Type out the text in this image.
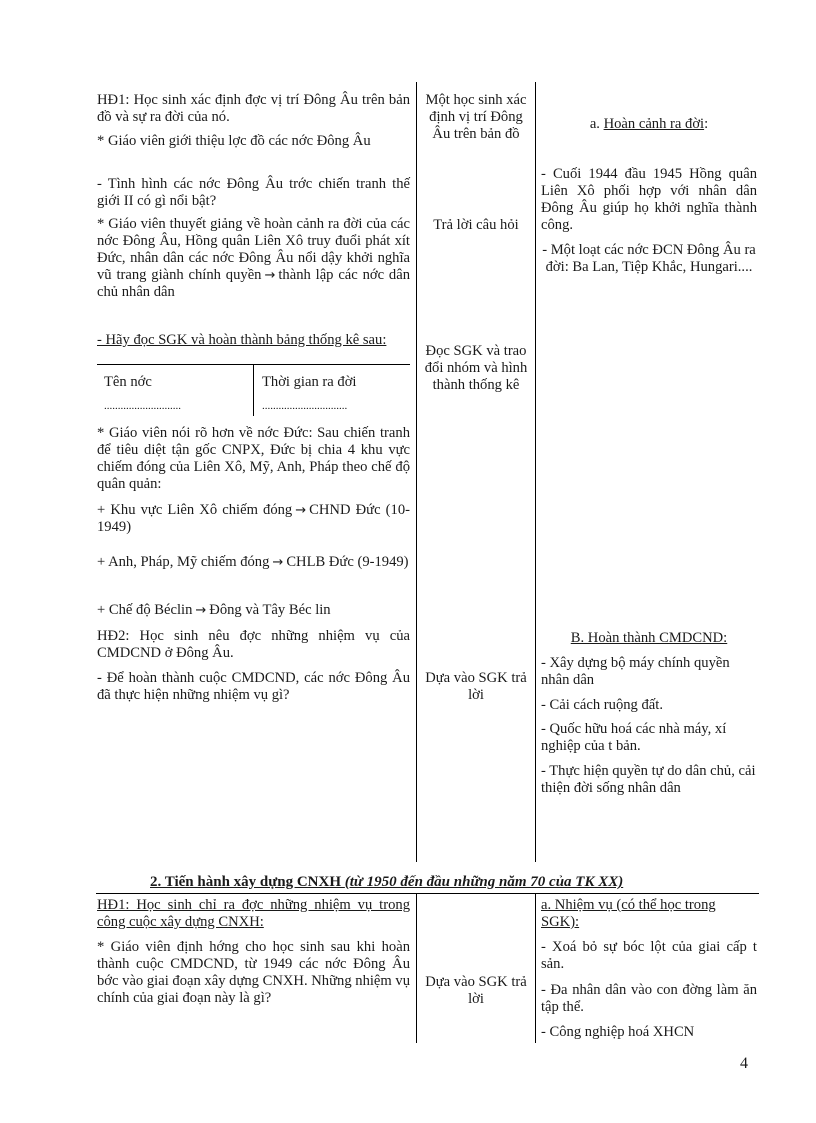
HĐ1: Học sinh xác định đợc vị trí Đông Âu trên bản đồ và sự ra đời của nó.

* Giáo viên giới thiệu lợc đồ các nớc Đông Âu

- Tình hình các nớc Đông Âu trớc chiến tranh thế giới II có gì nổi bật?

* Giáo viên thuyết giảng về hoàn cảnh ra đời của các nớc Đông Âu, Hồng quân Liên Xô truy đuổi phát xít Đức, nhân dân các nớc Đông Âu nổi dậy khởi nghĩa vũ trang giành chính quyền → thành lập các nớc dân chủ nhân dân

- Hãy đọc SGK và hoàn thành bảng thống kê sau:

Tên nớc	Thời gian ra đời
............................	...............................

* Giáo viên nói rõ hơn về nớc Đức: Sau chiến tranh để tiêu diệt tận gốc CNPX, Đức bị chia 4 khu vực chiếm đóng của Liên Xô, Mỹ, Anh, Pháp theo chế độ quân quản:

+ Khu vực Liên Xô chiếm đóng → CHND Đức (10-1949)

+ Anh, Pháp, Mỹ chiếm đóng → CHLB Đức (9-1949)

+ Chế độ Béclin → Đông và Tây Béc lin

HĐ2: Học sinh nêu đợc những nhiệm vụ của CMDCND ở Đông Âu.

- Để hoàn thành cuộc CMDCND, các nớc Đông Âu đã thực hiện những nhiệm vụ gì?

Một học sinh xác định vị trí Đông Âu trên bản đồ

Trả lời câu hỏi

Đọc SGK và trao đổi nhóm và hình thành thống kê

Dựa vào SGK trả lời

a. Hoàn cảnh ra đời:

- Cuối 1944 đầu 1945 Hồng quân Liên Xô phối hợp với nhân dân Đông Âu giúp họ khởi nghĩa thành công.

- Một loạt các nớc ĐCN Đông Âu ra đời: Ba Lan, Tiệp Khắc, Hungari....

B. Hoàn thành CMDCND:

- Xây dựng bộ máy chính quyền nhân dân

- Cải cách ruộng đất.

- Quốc hữu hoá các nhà máy, xí nghiệp của t bản.

- Thực hiện quyền tự do dân chủ, cải thiện đời sống nhân dân

2. Tiến hành xây dựng CNXH (từ 1950 đến đầu những năm 70 của TK XX)

HĐ1: Học sinh chỉ ra đợc những nhiệm vụ trong công cuộc xây dựng CNXH:

* Giáo viên định hớng cho học sinh sau khi hoàn thành cuộc CMDCND, từ 1949 các nớc Đông Âu bớc vào giai đoạn xây dựng CNXH. Những nhiệm vụ chính của giai đoạn này là gì?

Dựa vào SGK trả lời

a. Nhiệm vụ (có thể học trong SGK):

- Xoá bỏ sự bóc lột của giai cấp t sản.

- Đa nhân dân vào con đờng làm ăn tập thể.

- Công nghiệp hoá XHCN

4
